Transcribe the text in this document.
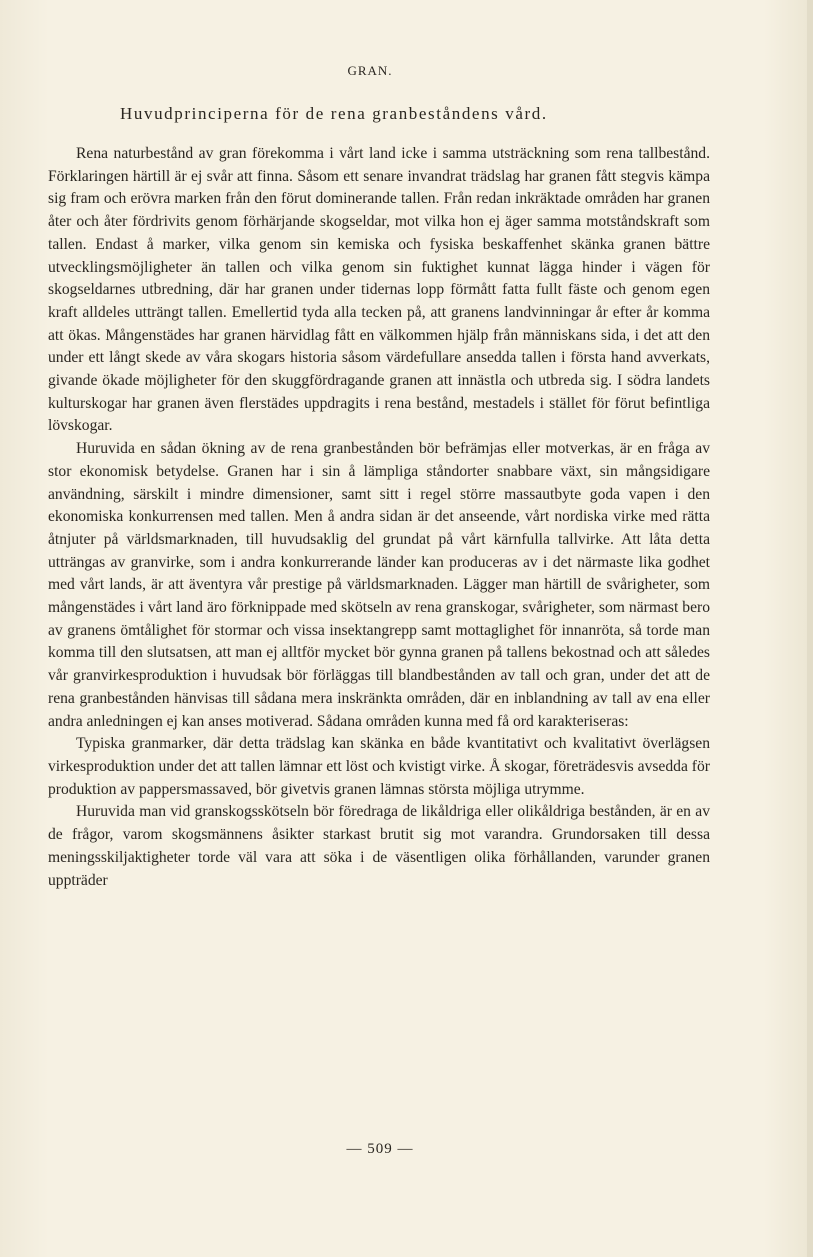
GRAN.
Huvudprinciperna för de rena granbeståndens vård.

Rena naturbestånd av gran förekomma i vårt land icke i samma utsträckning som rena tallbestånd. Förklaringen härtill är ej svår att finna. Såsom ett senare invandrat trädslag har granen fått stegvis kämpa sig fram och erövra marken från den förut dominerande tallen. Från redan inkräktade områden har granen åter och åter fördrivits genom förhärjande skogseldar, mot vilka hon ej äger samma motståndskraft som tallen. Endast å marker, vilka genom sin kemiska och fysiska beskaffenhet skänka granen bättre utvecklingsmöjligheter än tallen och vilka genom sin fuktighet kunnat lägga hinder i vägen för skogseldarnes utbredning, där har granen under tidernas lopp förmått fatta fullt fäste och genom egen kraft alldeles utträngt tallen. Emellertid tyda alla tecken på, att granens landvinningar år efter år komma att ökas. Mångenstädes har granen härvidlag fått en välkommen hjälp från människans sida, i det att den under ett långt skede av våra skogars historia såsom värdefullare ansedda tallen i första hand avverkats, givande ökade möjligheter för den skuggfördragande granen att innästla och utbreda sig. I södra landets kulturskogar har granen även flerstädes uppdragits i rena bestånd, mestadels i stället för förut befintliga lövskogar.

Huruvida en sådan ökning av de rena granbestånden bör befrämjas eller motverkas, är en fråga av stor ekonomisk betydelse. Granen har i sin å lämpliga ståndorter snabbare växt, sin mångsidigare användning, särskilt i mindre dimensioner, samt sitt i regel större massautbyte goda vapen i den ekonomiska konkurrensen med tallen. Men å andra sidan är det anseende, vårt nordiska virke med rätta åtnjuter på världsmarknaden, till huvudsaklig del grundat på vårt kärnfulla tallvirke. Att låta detta utträngas av granvirke, som i andra konkurrerande länder kan produceras av i det närmaste lika godhet med vårt lands, är att äventyra vår prestige på världsmarknaden. Lägger man härtill de svårigheter, som mångenstädes i vårt land äro förknippade med skötseln av rena granskogar, svårigheter, som närmast bero av granens ömtålighet för stormar och vissa insektangrepp samt mottaglighet för innanröta, så torde man komma till den slutsatsen, att man ej alltför mycket bör gynna granen på tallens bekostnad och att således vår granvirkesproduktion i huvudsak bör förläggas till blandbestånden av tall och gran, under det att de rena granbestånden hänvisas till sådana mera inskränkta områden, där en inblandning av tall av ena eller andra anledningen ej kan anses motiverad. Sådana områden kunna med få ord karakteriseras:

Typiska granmarker, där detta trädslag kan skänka en både kvantitativt och kvalitativt överlägsen virkesproduktion under det att tallen lämnar ett löst och kvistigt virke. Å skogar, företrädesvis avsedda för produktion av pappersmassaved, bör givetvis granen lämnas största möjliga utrymme.

Huruvida man vid granskogsskötseln bör föredraga de likåldriga eller olikåldriga bestånden, är en av de frågor, varom skogsmännens åsikter starkast brutit sig mot varandra. Grundorsaken till dessa meningsskiljaktigheter torde väl vara att söka i de väsentligen olika förhållanden, varunder granen uppträder

— 509 —
